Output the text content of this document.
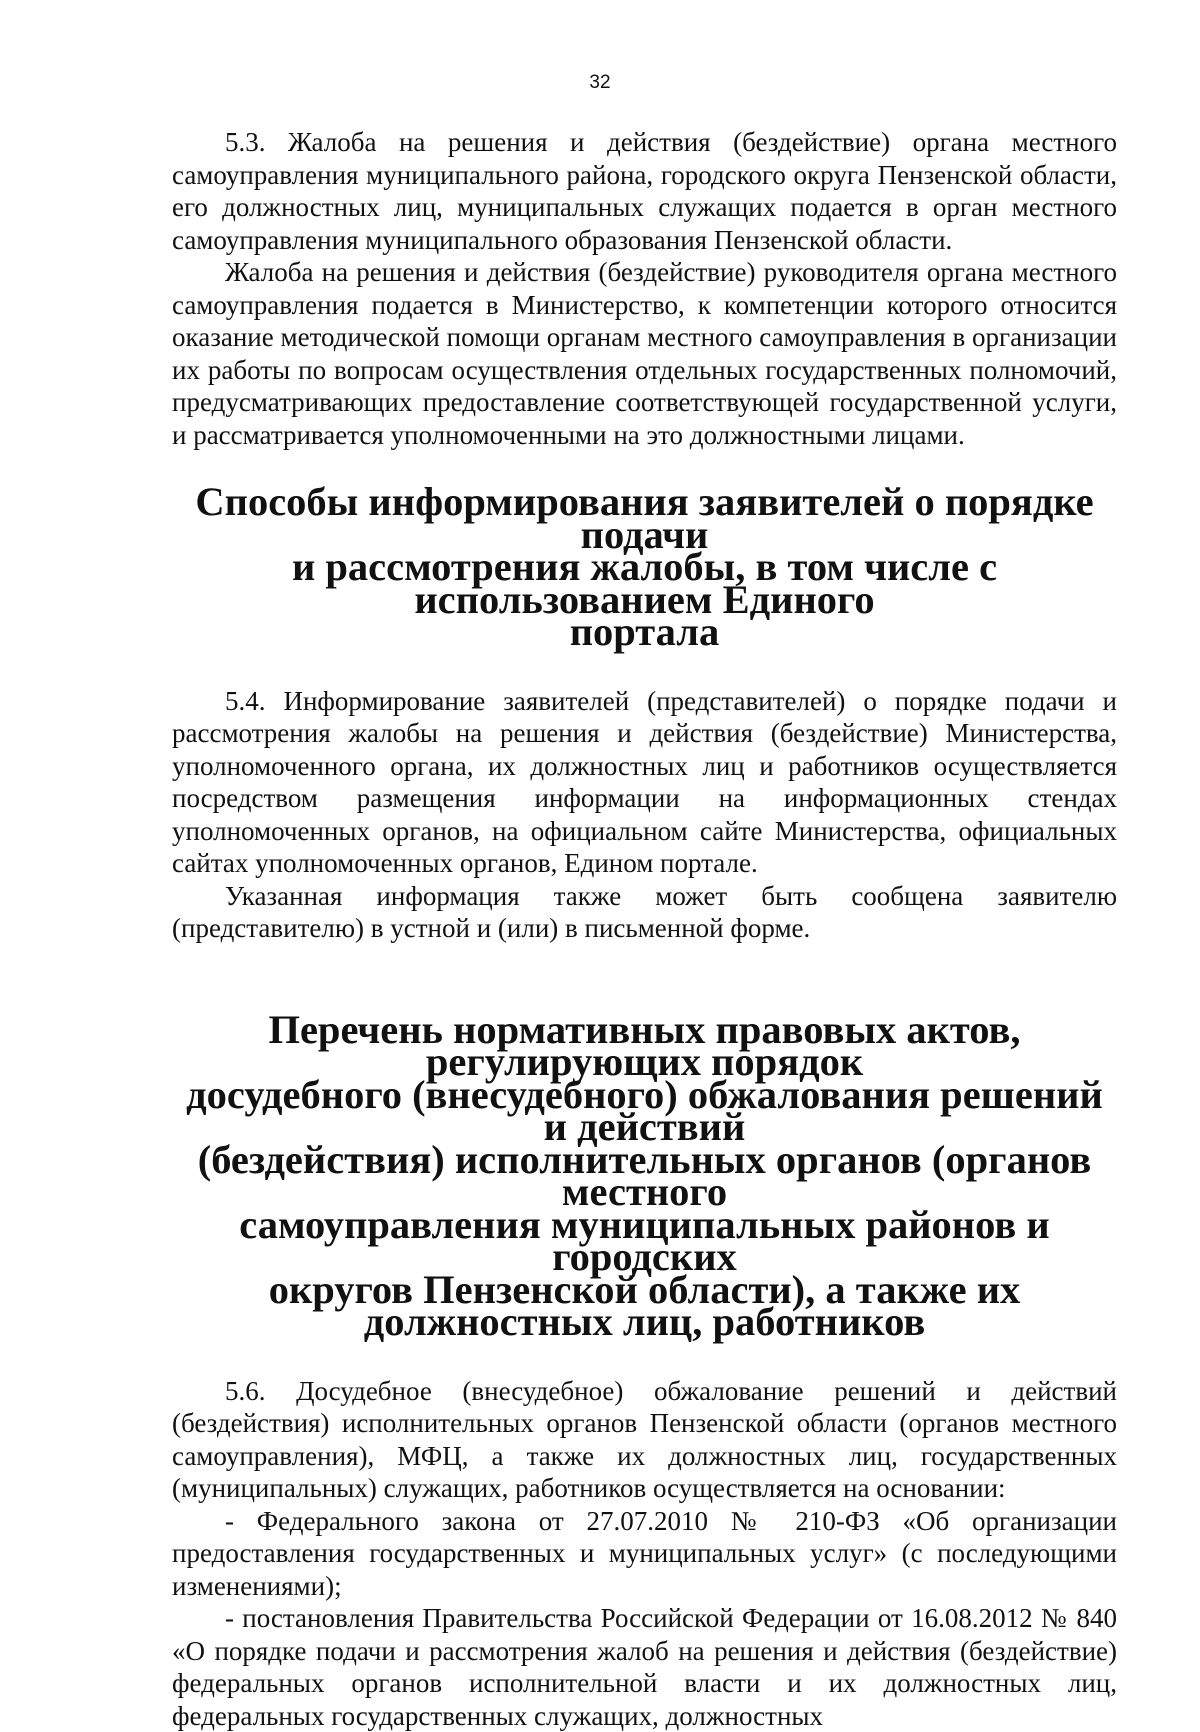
32

5.3. Жалоба на решения и действия (бездействие) органа местного самоуправления муниципального района, городского округа Пензенской области, его должностных лиц, муниципальных служащих подается в орган местного самоуправления муниципального образования Пензенской области.

Жалоба на решения и действия (бездействие) руководителя органа местного самоуправления подается в Министерство, к компетенции которого относится оказание методической помощи органам местного самоуправления в организации их работы по вопросам осуществления отдельных государственных полномочий, предусматривающих предоставление соответствующей государственной услуги, и рассматривается уполномоченными на это должностными лицами.

Способы информирования заявителей о порядке подачи
и рассмотрения жалобы, в том числе с использованием Единого
портала

5.4. Информирование заявителей (представителей) о порядке подачи и рассмотрения жалобы на решения и действия (бездействие) Министерства, уполномоченного органа, их должностных лиц и работников осуществляется посредством размещения информации на информационных стендах уполномоченных органов, на официальном сайте Министерства, официальных сайтах уполномоченных органов, Едином портале.

Указанная информация также может быть сообщена заявителю (представителю) в устной и (или) в письменной форме.

Перечень нормативных правовых актов, регулирующих порядок
досудебного (внесудебного) обжалования решений и действий
(бездействия) исполнительных органов (органов местного
самоуправления муниципальных районов и городских
округов Пензенской области), а также их должностных лиц, работников

5.6. Досудебное (внесудебное) обжалование решений и действий (бездействия) исполнительных органов Пензенской области (органов местного самоуправления), МФЦ, а также их должностных лиц, государственных (муниципальных) служащих, работников осуществляется на основании:

- Федерального закона от 27.07.2010 № 210-ФЗ «Об организации предоставления государственных и муниципальных услуг» (с последующими изменениями);

- постановления Правительства Российской Федерации от 16.08.2012 № 840 «О порядке подачи и рассмотрения жалоб на решения и действия (бездействие) федеральных органов исполнительной власти и их должностных лиц, федеральных государственных служащих, должностных
